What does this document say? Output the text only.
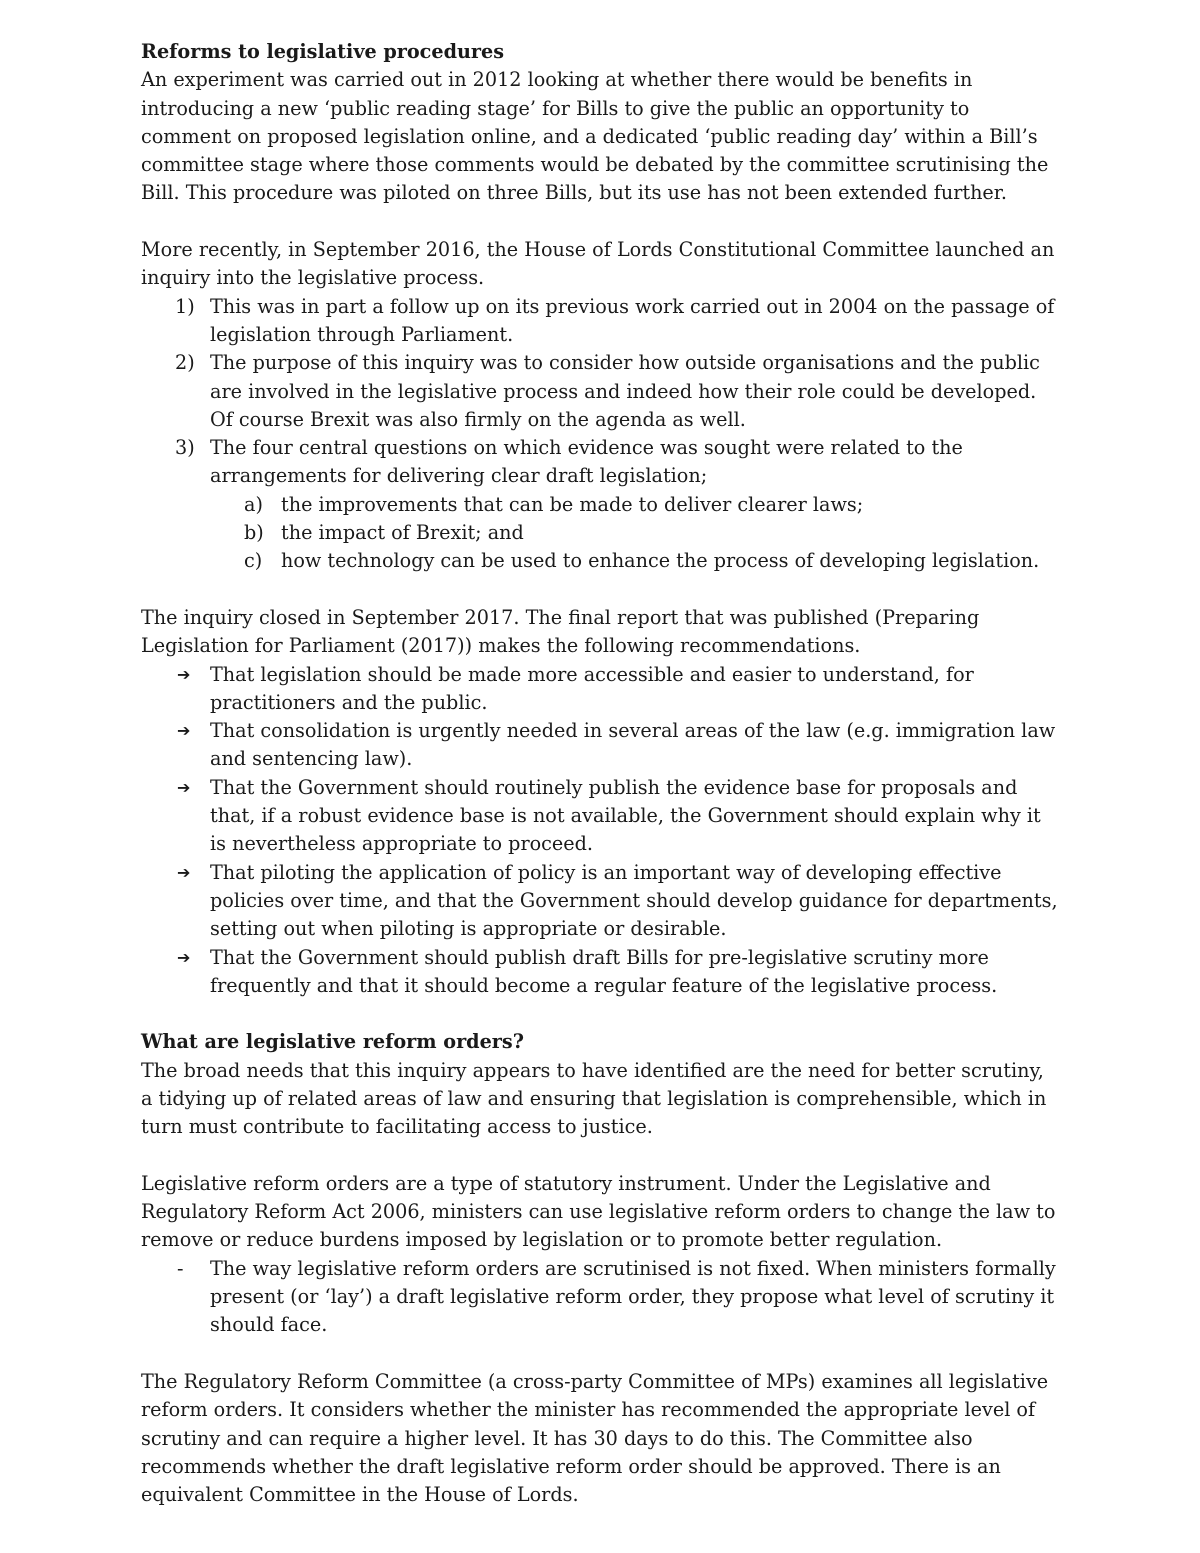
Reforms to legislative procedures

An experiment was carried out in 2012 looking at whether there would be benefits in introducing a new ‘public reading stage’ for Bills to give the public an opportunity to comment on proposed legislation online, and a dedicated ‘public reading day’ within a Bill’s committee stage where those comments would be debated by the committee scrutinising the Bill. This procedure was piloted on three Bills, but its use has not been extended further.

More recently, in September 2016, the House of Lords Constitutional Committee launched an inquiry into the legislative process.

1) This was in part a follow up on its previous work carried out in 2004 on the passage of legislation through Parliament.
2) The purpose of this inquiry was to consider how outside organisations and the public are involved in the legislative process and indeed how their role could be developed. Of course Brexit was also firmly on the agenda as well.
3) The four central questions on which evidence was sought were related to the arrangements for delivering clear draft legislation;
a) the improvements that can be made to deliver clearer laws;
b) the impact of Brexit; and
c) how technology can be used to enhance the process of developing legislation.

The inquiry closed in September 2017. The final report that was published (Preparing Legislation for Parliament (2017)) makes the following recommendations.

➔ That legislation should be made more accessible and easier to understand, for practitioners and the public.
➔ That consolidation is urgently needed in several areas of the law (e.g. immigration law and sentencing law).
➔ That the Government should routinely publish the evidence base for proposals and that, if a robust evidence base is not available, the Government should explain why it is nevertheless appropriate to proceed.
➔ That piloting the application of policy is an important way of developing effective policies over time, and that the Government should develop guidance for departments, setting out when piloting is appropriate or desirable.
➔ That the Government should publish draft Bills for pre-legislative scrutiny more frequently and that it should become a regular feature of the legislative process.

What are legislative reform orders?

The broad needs that this inquiry appears to have identified are the need for better scrutiny, a tidying up of related areas of law and ensuring that legislation is comprehensible, which in turn must contribute to facilitating access to justice.

Legislative reform orders are a type of statutory instrument. Under the Legislative and Regulatory Reform Act 2006, ministers can use legislative reform orders to change the law to remove or reduce burdens imposed by legislation or to promote better regulation.

- The way legislative reform orders are scrutinised is not fixed. When ministers formally present (or ‘lay’) a draft legislative reform order, they propose what level of scrutiny it should face.

The Regulatory Reform Committee (a cross-party Committee of MPs) examines all legislative reform orders. It considers whether the minister has recommended the appropriate level of scrutiny and can require a higher level. It has 30 days to do this. The Committee also recommends whether the draft legislative reform order should be approved. There is an equivalent Committee in the House of Lords.
